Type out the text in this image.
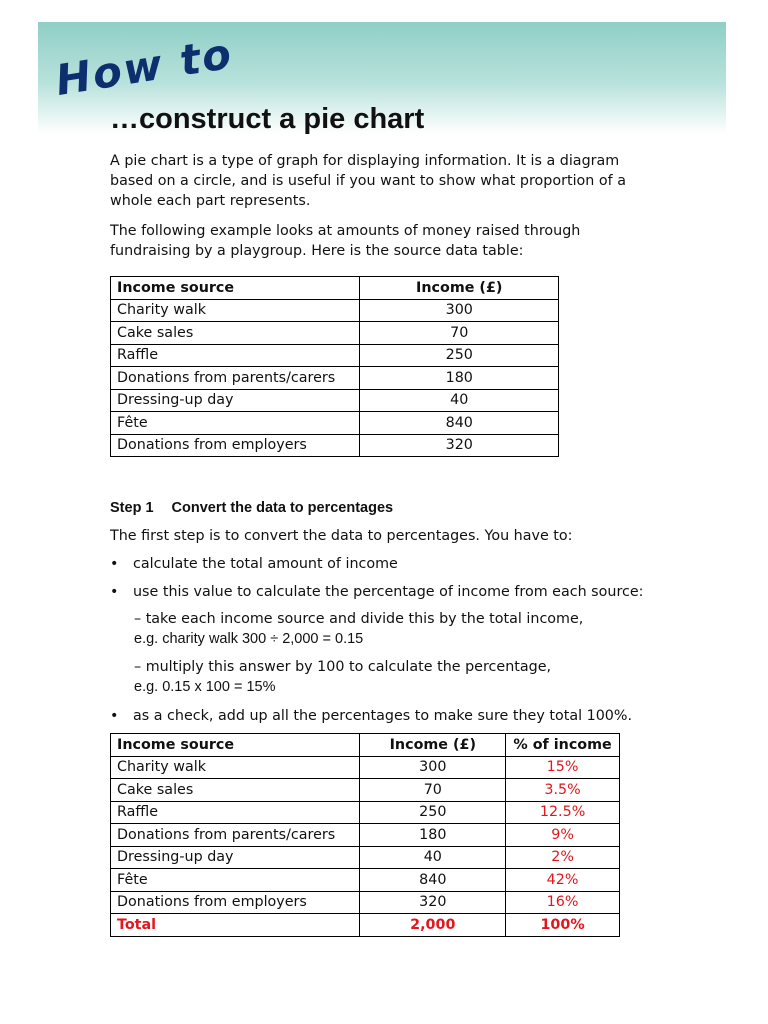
How to
…construct a pie chart

A pie chart is a type of graph for displaying information. It is a diagram based on a circle, and is useful if you want to show what proportion of a whole each part represents.

The following example looks at amounts of money raised through fundraising by a playgroup. Here is the source data table:

Income source	Income (£)
Charity walk	300
Cake sales	70
Raffle	250
Donations from parents/carers	180
Dressing-up day	40
Fête	840
Donations from employers	320
Step 1 Convert the data to percentages

The first step is to convert the data to percentages. You have to:

• calculate the total amount of income
• use this value to calculate the percentage of income from each source:
– take each income source and divide this by the total income,
e.g. charity walk 300 ÷ 2,000 = 0.15
– multiply this answer by 100 to calculate the percentage,
e.g. 0.15 x 100 = 15%
• as a check, add up all the percentages to make sure they total 100%.
Income source	Income (£)	% of income
Charity walk	300	15%
Cake sales	70	3.5%
Raffle	250	12.5%
Donations from parents/carers	180	9%
Dressing-up day	40	2%
Fête	840	42%
Donations from employers	320	16%
Total	2,000	100%
